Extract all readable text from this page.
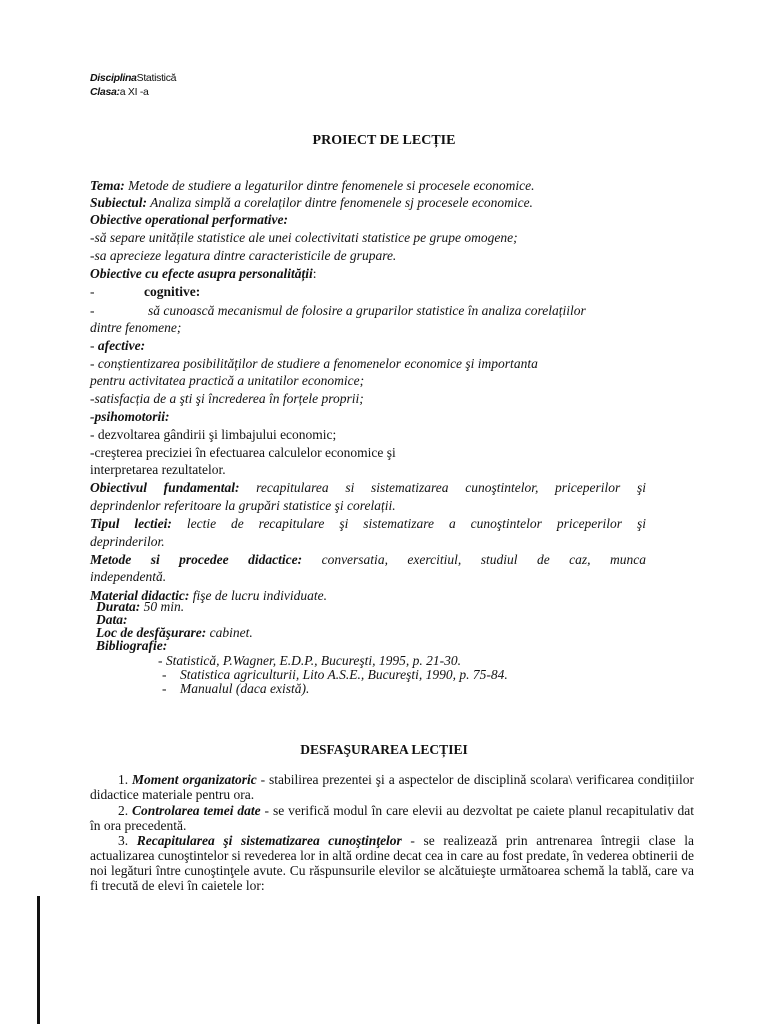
DisciplinaStatistică
Clasa:a XI -a
PROIECT DE LECȚIE
Tema: Metode de studiere a legaturilor dintre fenomenele si procesele economice.
Subiectul: Analiza simplă a corelaților dintre fenomenele sj procesele economice.
Obiective operational performative:
-să separe unitățile statistice ale unei colectivitati statistice pe grupe omogene;
-sa aprecieze legatura dintre caracteristicile de grupare.
Obiective cu efecte asupra personalității:
-	cognitive:
-	să cunoască mecanismul de folosire a gruparilor statistice în analiza corelațiilor
dintre fenomene;
- afective:
- conștientizarea posibilităților de studiere a fenomenelor economice şi importanta
pentru activitatea practică a unitatilor economice;
-satisfacția de a şti şi încrederea în forțele proprii;
-psihomotorii:
- dezvoltarea gândirii şi limbajului economic;
-creşterea preciziei în efectuarea calculelor economice şi
interpretarea rezultatelor.
Obiectivul fundamental: recapitularea si sistematizarea cunoştintelor, priceperilor şi
deprindenlor referitoare la grupări statistice şi corelații.
Tipul lectiei: lectie de recapitulare şi sistematizare a cunoştintelor priceperilor şi
deprinderilor.
Metode si procedee didactice: conversatia, exercitiul, studiul de caz, munca
independentă.
Material didactic: fişe de lucru individuate.
Durata: 50 min.
Data:
Loc de desfăşurare: cabinet.
Bibliografie:
- Statistică, P.Wagner, E.D.P., Bucureşti, 1995, p. 21-30.
-    Statistica agriculturii, Lito A.S.E., Bucureşti, 1990, p. 75-84.
-    Manualul (daca există).
DESFAŞURAREA LECȚIEI
1. Moment organizatoric - stabilirea prezentei şi a aspectelor de disciplină scolara\ verificarea condițiilor didactice materiale pentru ora.
2. Controlarea temei date - se verifică modul în care elevii au dezvoltat pe caiete planul recapitulativ dat în ora precedentă.
3. Recapitularea şi sistematizarea cunoştinţelor - se realizează prin antrenarea întregii clase la actualizarea cunoştintelor si revederea lor in altă ordine decat cea in care au fost predate, în vederea obtinerii de noi legături între cunoştinţele avute. Cu răspunsurile elevilor se alcătuieşte următoarea schemă la tablă, care va fi trecută de elevi în caietele lor:
